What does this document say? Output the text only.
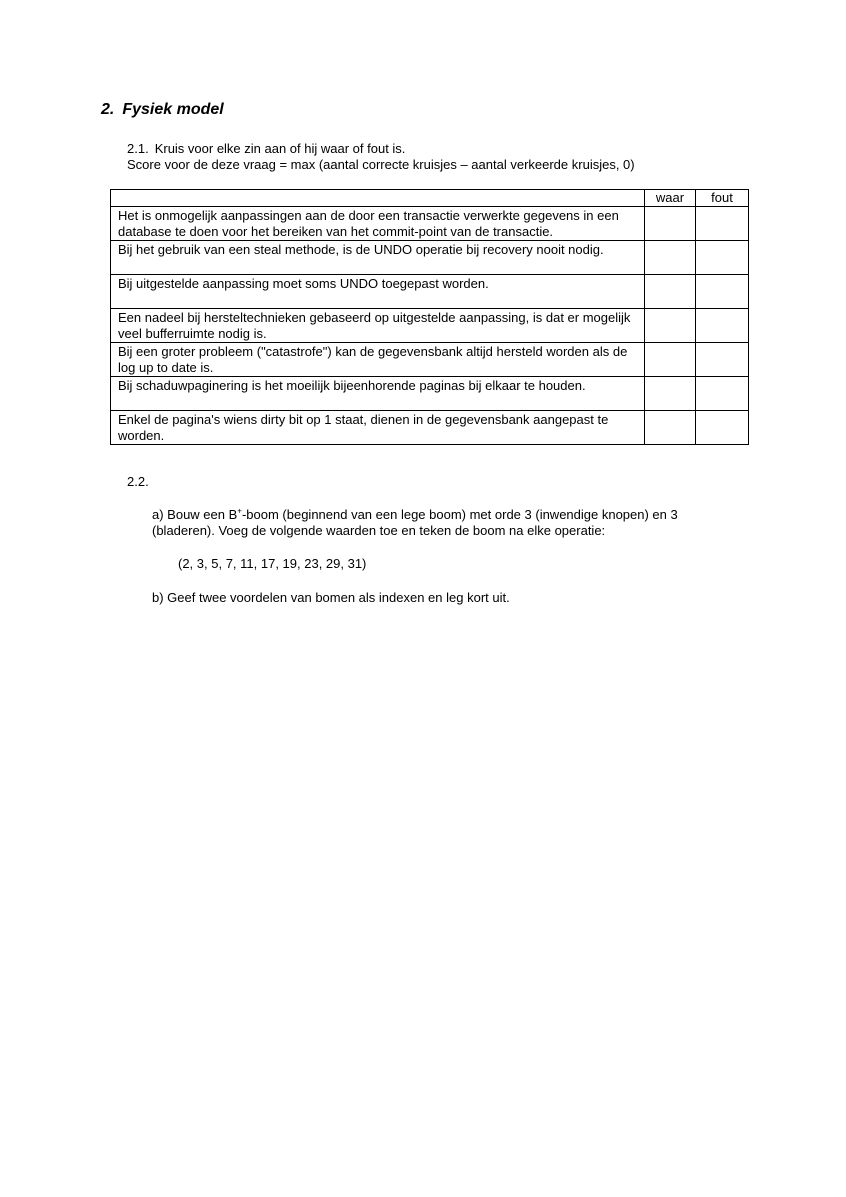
2. Fysiek model
2.1. Kruis voor elke zin aan of hij waar of fout is.
Score voor de deze vraag = max (aantal correcte kruisjes – aantal verkeerde kruisjes, 0)
	waar	fout
Het is onmogelijk aanpassingen aan de door een transactie verwerkte gegevens in een database te doen voor het bereiken van het commit-point van de transactie.		
Bij het gebruik van een steal methode, is de UNDO operatie bij recovery nooit nodig.		
Bij uitgestelde aanpassing moet soms UNDO toegepast worden.		
Een nadeel bij hersteltechnieken gebaseerd op uitgestelde aanpassing, is dat er mogelijk veel bufferruimte nodig is.		
Bij een groter probleem ("catastrofe") kan de gegevensbank altijd hersteld worden als de log up to date is.		
Bij schaduwpaginering is het moeilijk bijeenhorende paginas bij elkaar te houden.		
Enkel de pagina's wiens dirty bit op 1 staat, dienen in de gegevensbank aangepast te worden.		
2.2.
a) Bouw een B+-boom (beginnend van een lege boom) met orde 3 (inwendige knopen) en 3
(bladeren). Voeg de volgende waarden toe en teken de boom na elke operatie:
(2, 3, 5, 7, 11, 17, 19, 23, 29, 31)
b) Geef twee voordelen van bomen als indexen en leg kort uit.
